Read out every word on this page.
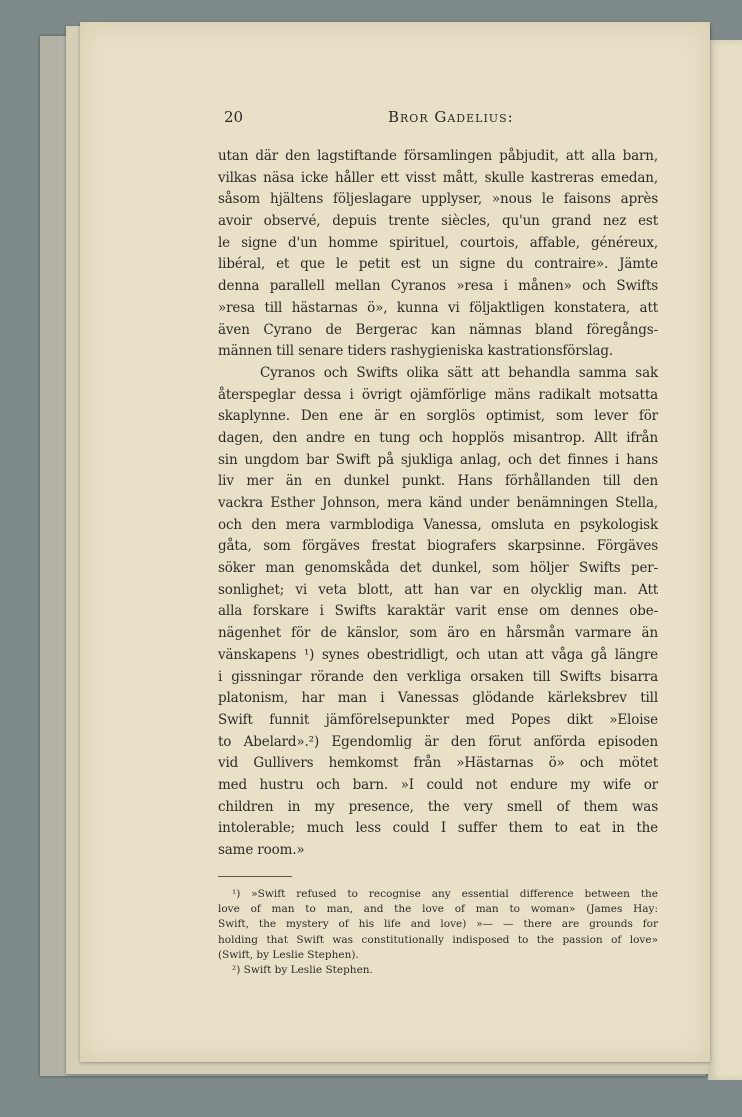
20	Bror Gadelius:
utan där den lagstiftande församlingen påbjudit, att alla barn,
vilkas näsa icke håller ett visst mått, skulle kastreras emedan,
såsom hjältens följeslagare upplyser, »nous le faisons après
avoir observé, depuis trente siècles, qu'un grand nez est
le signe d'un homme spirituel, courtois, affable, généreux,
libéral, et que le petit est un signe du contraire». Jämte
denna parallell mellan Cyranos »resa i månen» och Swifts
»resa till hästarnas ö», kunna vi följaktligen konstatera, att
även Cyrano de Bergerac kan nämnas bland föregångs-
männen till senare tiders rashygieniska kastrationsförslag.
Cyranos och Swifts olika sätt att behandla samma sak
återspeglar dessa i övrigt ojämförlige mäns radikalt motsatta
skaplynne. Den ene är en sorglös optimist, som lever för
dagen, den andre en tung och hopplös misantrop. Allt ifrån
sin ungdom bar Swift på sjukliga anlag, och det finnes i hans
liv mer än en dunkel punkt. Hans förhållanden till den
vackra Esther Johnson, mera känd under benämningen Stella,
och den mera varmblodiga Vanessa, omsluta en psykologisk
gåta, som förgäves frestat biografers skarpsinne. Förgäves
söker man genomskåda det dunkel, som höljer Swifts per-
sonlighet; vi veta blott, att han var en olycklig man. Att
alla forskare i Swifts karaktär varit ense om dennes obe-
nägenhet för de känslor, som äro en hårsmån varmare än
vänskapens ¹) synes obestridligt, och utan att våga gå längre
i gissningar rörande den verkliga orsaken till Swifts bisarra
platonism, har man i Vanessas glödande kärleksbrev till
Swift funnit jämförelsepunkter med Popes dikt »Eloise
to Abelard».²) Egendomlig är den förut anförda episoden
vid Gullivers hemkomst från »Hästarnas ö» och mötet
med hustru och barn. »I could not endure my wife or
children in my presence, the very smell of them was
intolerable; much less could I suffer them to eat in the
same room.»
¹) »Swift refused to recognise any essential difference between the
love of man to man, and the love of man to woman» (James Hay:
Swift, the mystery of his life and love) »— — there are grounds for
holding that Swift was constitutionally indisposed to the passion of love»
(Swift, by Leslie Stephen).
²) Swift by Leslie Stephen.
